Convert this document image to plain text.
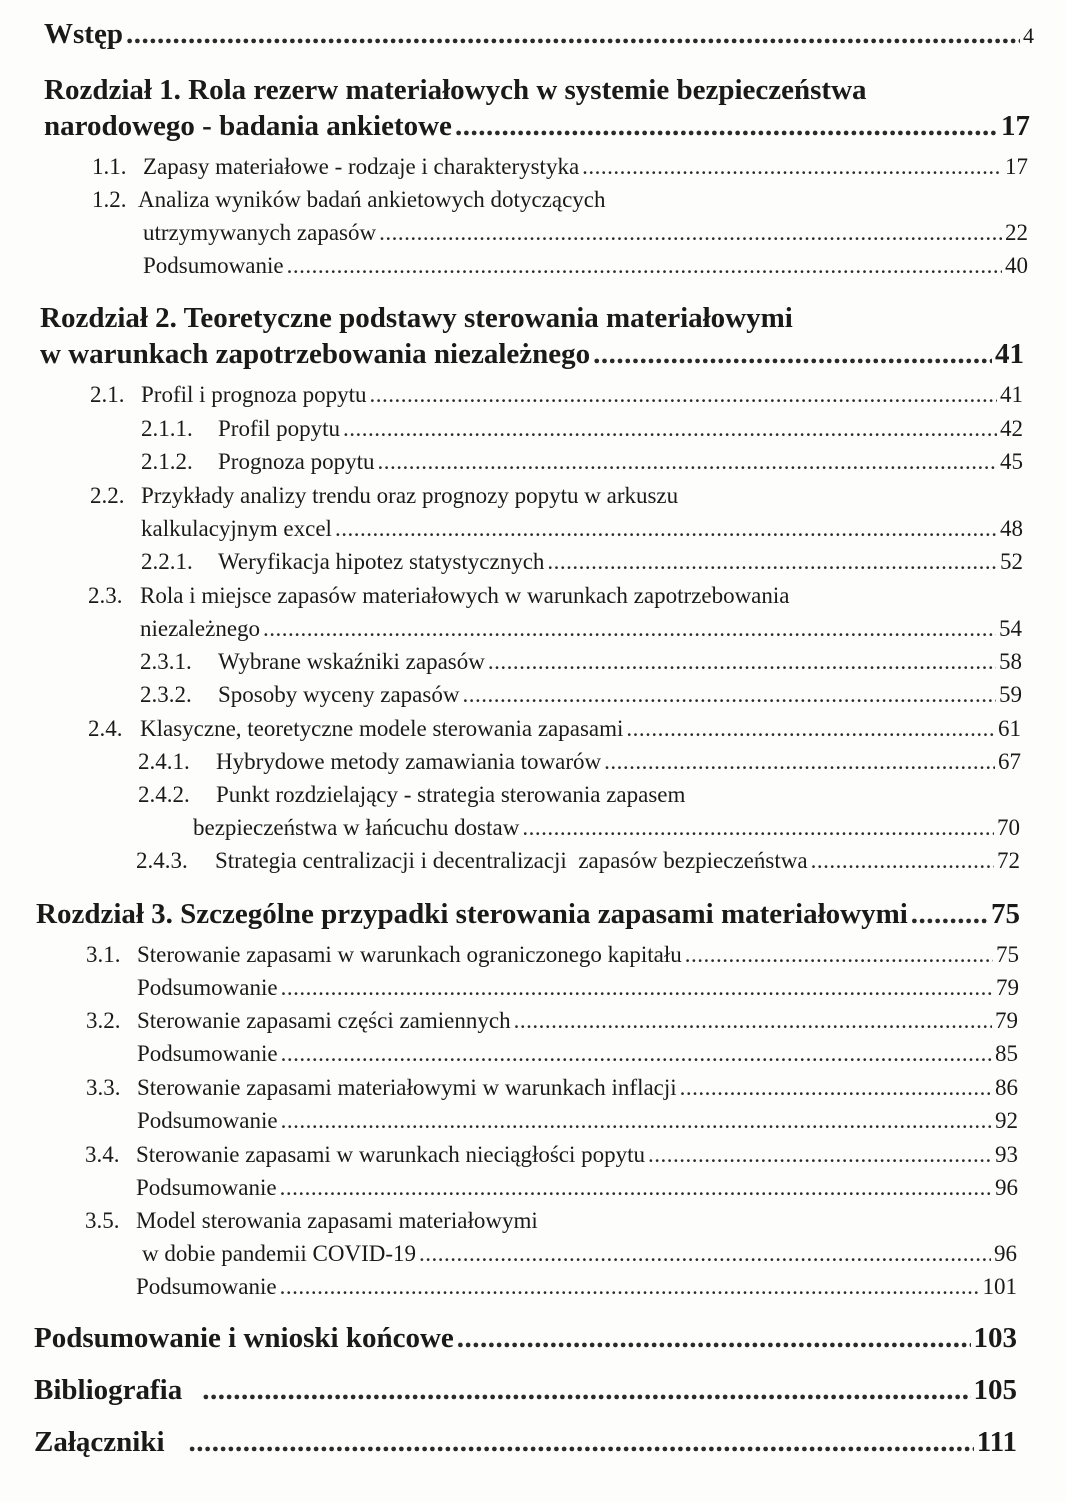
Wstęp .....	4
Rozdział 1. Rola rezerw materiałowych w systemie bezpieczeństwa
narodowego - badania ankietowe .....	17
1.1. Zapasy materiałowe - rodzaje i charakterystyka .....	17
1.2. Analiza wyników badań ankietowych dotyczących
utrzymywanych zapasów .....	22
Podsumowanie .....	40
Rozdział 2. Teoretyczne podstawy sterowania materiałowymi
w warunkach zapotrzebowania niezależnego .....	41
2.1. Profil i prognoza popytu .....	41
2.1.1. Profil popytu .....	42
2.1.2. Prognoza popytu .....	45
2.2. Przykłady analizy trendu oraz prognozy popytu w arkuszu
kalkulacyjnym excel .....	48
2.2.1. Weryfikacja hipotez statystycznych .....	52
2.3. Rola i miejsce zapasów materiałowych w warunkach zapotrzebowania
niezależnego .....	54
2.3.1. Wybrane wskaźniki zapasów .....	58
2.3.2. Sposoby wyceny zapasów .....	59
2.4. Klasyczne, teoretyczne modele sterowania zapasami .....	61
2.4.1. Hybrydowe metody zamawiania towarów .....	67
2.4.2. Punkt rozdzielający - strategia sterowania zapasem
bezpieczeństwa w łańcuchu dostaw .....	70
2.4.3. Strategia centralizacji i decentralizacji  zapasów bezpieczeństwa .....	72
Rozdział 3. Szczególne przypadki sterowania zapasami materiałowymi .....	75
3.1. Sterowanie zapasami w warunkach ograniczonego kapitału .....	75
Podsumowanie .....	79
3.2. Sterowanie zapasami części zamiennych .....	79
Podsumowanie .....	85
3.3. Sterowanie zapasami materiałowymi w warunkach inflacji .....	86
Podsumowanie .....	92
3.4. Sterowanie zapasami w warunkach nieciągłości popytu .....	93
Podsumowanie .....	96
3.5. Model sterowania zapasami materiałowymi
w dobie pandemii COVID-19 .....	96
Podsumowanie .....	101
Podsumowanie i wnioski końcowe .....	103
Bibliografia .....	105
Załączniki .....	111
